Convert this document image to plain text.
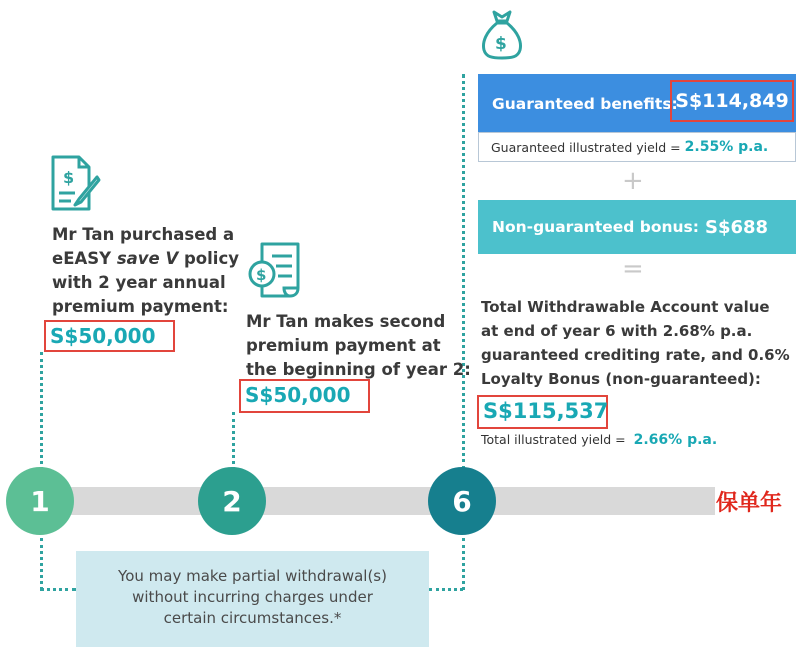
$
$
$
Mr Tan purchased a
eEASY save V policy
with 2 year annual
premium payment:
S$50,000
Mr Tan makes second
premium payment at
the beginning of year 2:
S$50,000
Guaranteed benefits:
S$114,849
Guaranteed illustrated yield = 2.55% p.a.
+
Non-guaranteed bonus: S$688
=
Total Withdrawable Account value
at end of year 6 with 2.68% p.a.
guaranteed crediting rate, and 0.6%
Loyalty Bonus (non-guaranteed):
S$115,537
Total illustrated yield = 2.66% p.a.
1	2	6	保单年
You may make partial withdrawal(s)
without incurring charges under
certain circumstances.*
